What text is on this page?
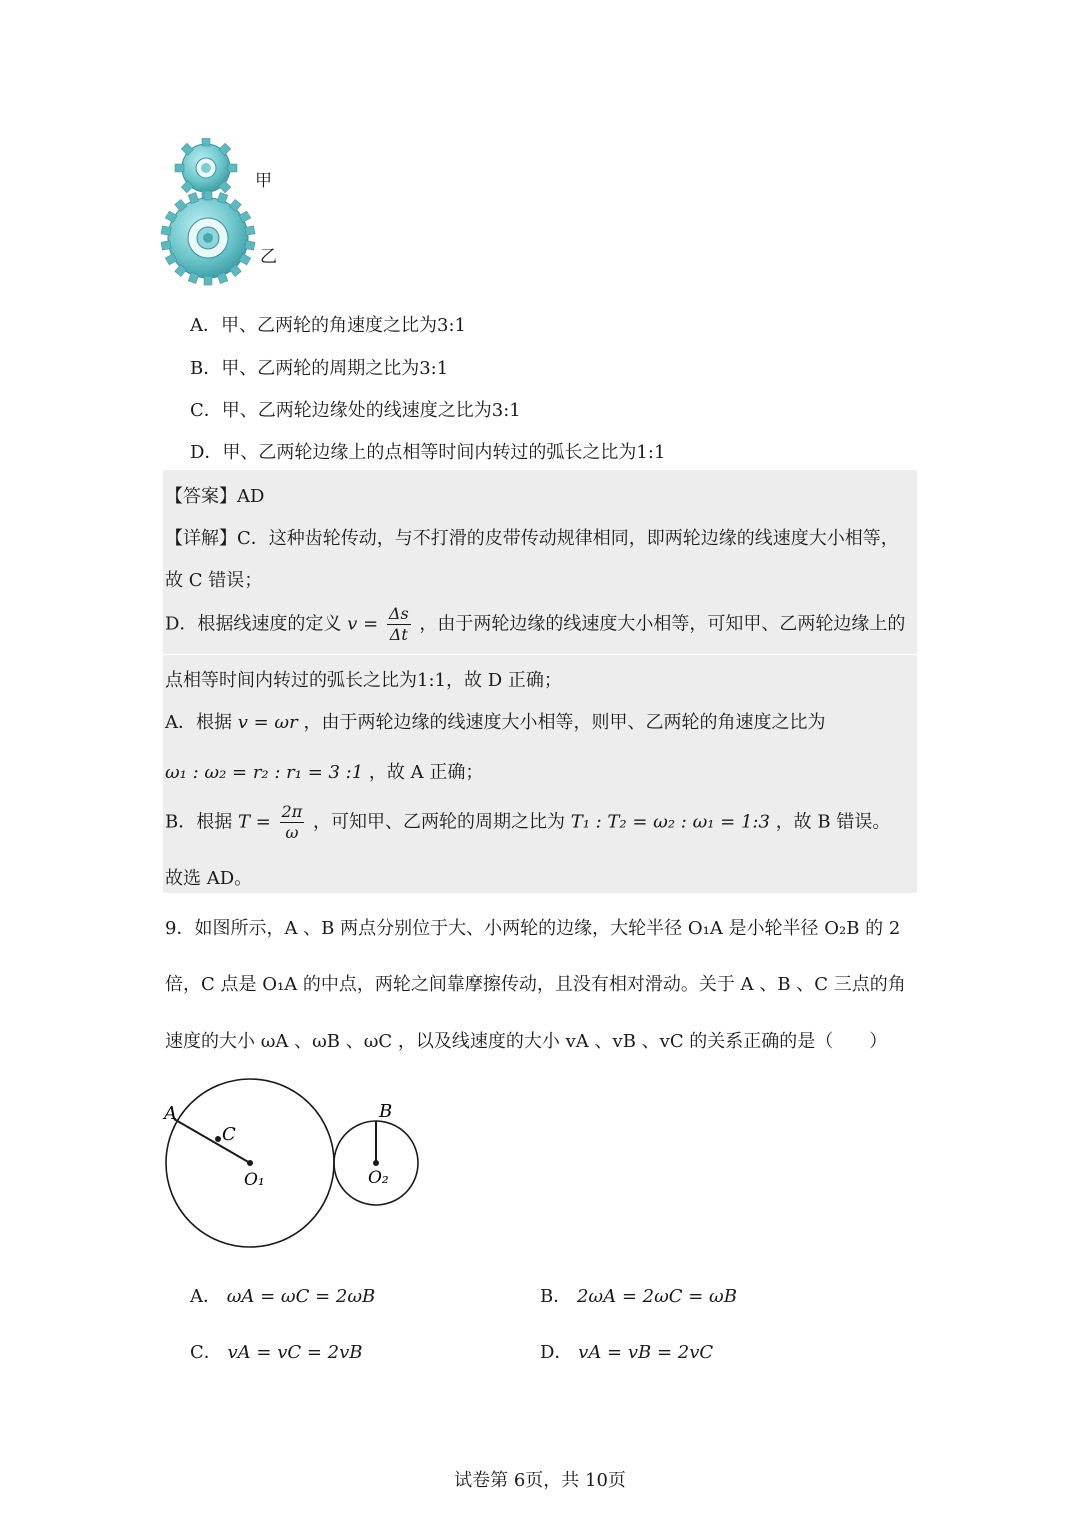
甲
乙
A．甲、乙两轮的角速度之比为3:1
B．甲、乙两轮的周期之比为3:1
C．甲、乙两轮边缘处的线速度之比为3:1
D．甲、乙两轮边缘上的点相等时间内转过的弧长之比为1:1
【答案】AD
【详解】C．这种齿轮传动，与不打滑的皮带传动规律相同，即两轮边缘的线速度大小相等，
故 C 错误；
D．根据线速度的定义 $v = \frac{\Delta s}{\Delta t}$ ，由于两轮边缘的线速度大小相等，可知甲、乙两轮边缘上的
点相等时间内转过的弧长之比为1:1，故 D 正确；
A．根据 v = ωr ，由于两轮边缘的线速度大小相等，则甲、乙两轮的角速度之比为
ω₁ : ω₂ = r₂ : r₁ = 3 :1 ，故 A 正确；
B．根据 $T = \frac{2\pi}{\omega}$ ，可知甲、乙两轮的周期之比为 T₁ : T₂ = ω₂ : ω₁ = 1:3 ，故 B 错误。
故选 AD。
9．如图所示，A 、B 两点分别位于大、小两轮的边缘，大轮半径 O₁A 是小轮半径 O₂B 的 2
倍，C 点是 O₁A 的中点，两轮之间靠摩擦传动，且没有相对滑动。关于 A 、B 、C 三点的角
速度的大小 ωA 、ωB 、ωC ，以及线速度的大小 vA 、vB 、vC 的关系正确的是（　　）
A
C
O₁
B
O₂
A． ωA = ωC = 2ωB	B． 2ωA = 2ωC = ωB
C． vA = vC = 2vB	D． vA = vB = 2vC
试卷第 6页，共 10页
